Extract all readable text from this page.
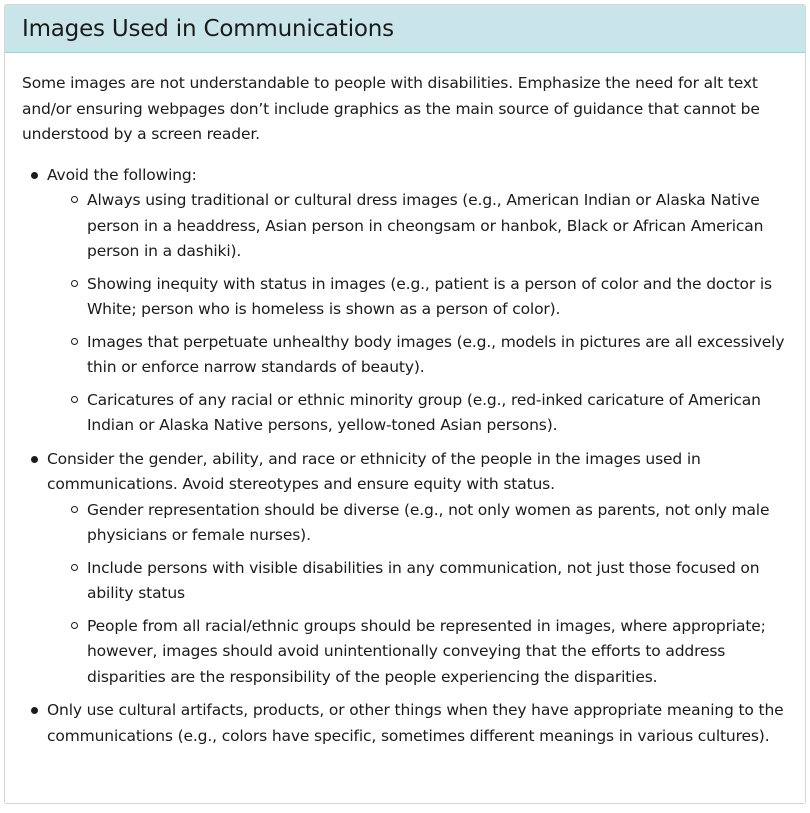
Images Used in Communications

Some images are not understandable to people with disabilities. Emphasize the need for alt text and/or ensuring webpages don’t include graphics as the main source of guidance that cannot be understood by a screen reader.

Avoid the following:
Always using traditional or cultural dress images (e.g., American Indian or Alaska Native person in a headdress, Asian person in cheongsam or hanbok, Black or African American person in a dashiki).
Showing inequity with status in images (e.g., patient is a person of color and the doctor is White; person who is homeless is shown as a person of color).
Images that perpetuate unhealthy body images (e.g., models in pictures are all excessively thin or enforce narrow standards of beauty).
Caricatures of any racial or ethnic minority group (e.g., red-inked caricature of American Indian or Alaska Native persons, yellow-toned Asian persons).
Consider the gender, ability, and race or ethnicity of the people in the images used in communications. Avoid stereotypes and ensure equity with status.
Gender representation should be diverse (e.g., not only women as parents, not only male physicians or female nurses).
Include persons with visible disabilities in any communication, not just those focused on ability status
People from all racial/ethnic groups should be represented in images, where appropriate; however, images should avoid unintentionally conveying that the efforts to address disparities are the responsibility of the people experiencing the disparities.
Only use cultural artifacts, products, or other things when they have appropriate meaning to the communications (e.g., colors have specific, sometimes different meanings in various cultures).
